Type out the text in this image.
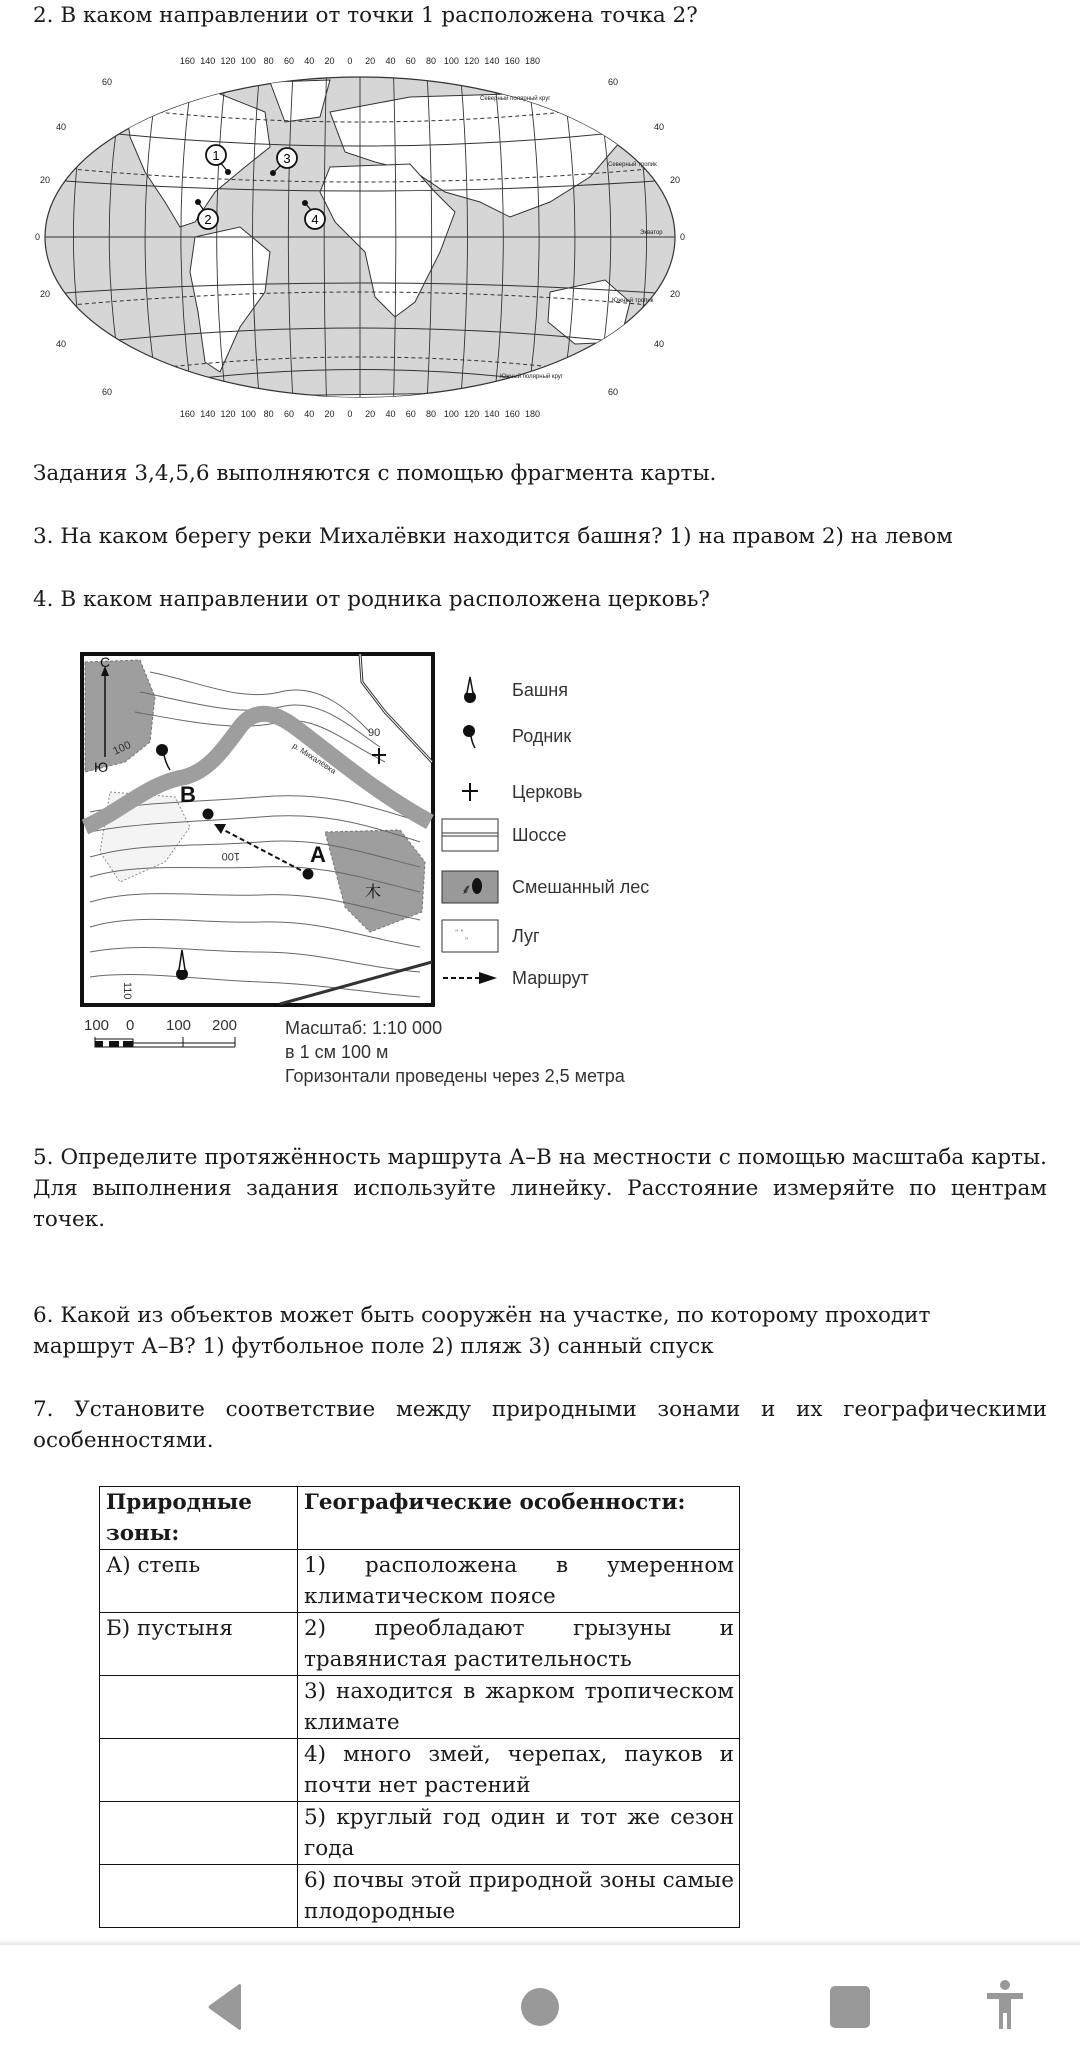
2. В каком направлении от точки 1 расположена точка 2?

Северный полярный круг
Северный тропик
Экватор
Южный тропик
Южный полярный круг
160 140 120 100 80 60 40 20 0 20 40 60 80 100 120 140 160 180
160 140 120 100 80 60 40 20 0 20 40 60 80 100 120 140 160 180
60
40
20
0
20
40
60
60
40
20
0
20
40
60
1
2
3
4

Задания 3,4,5,6 выполняются с помощью фрагмента карты.

3. На каком берегу реки Михалёвки находится башня? 1) на правом 2) на левом

4. В каком направлении от родника расположена церковь?

р. Михалёвка
С
Ю
100
90
100
110
А
В
⽊
Башня
Родник
Церковь
Шоссе
⸙ Смешанный лес
" "
" Луг
Маршрут
100 0 100 200	Масштаб: 1:10 000
в 1 см 100 м
Горизонтали проведены через 2,5 метра

5. Определите протяжённость маршрута А–В на местности с помощью масштаба карты. Для выполнения задания используйте линейку. Расстояние измеряйте по центрам точек.

6. Какой из объектов может быть сооружён на участке, по которому проходит

маршрут А–В? 1) футбольное поле 2) пляж 3) санный спуск

7. Установите соответствие между природными зонами и их географическими особенностями.

Природные зоны:	Географические особенности:
А) степь	1) расположена в умеренном климатическом поясе
Б) пустыня	2) преобладают грызуны и травянистая растительность
	3) находится в жарком тропическом климате
	4) много змей, черепах, пауков и почти нет растений
	5) круглый год один и тот же сезон года
	6) почвы этой природной зоны самые плодородные
